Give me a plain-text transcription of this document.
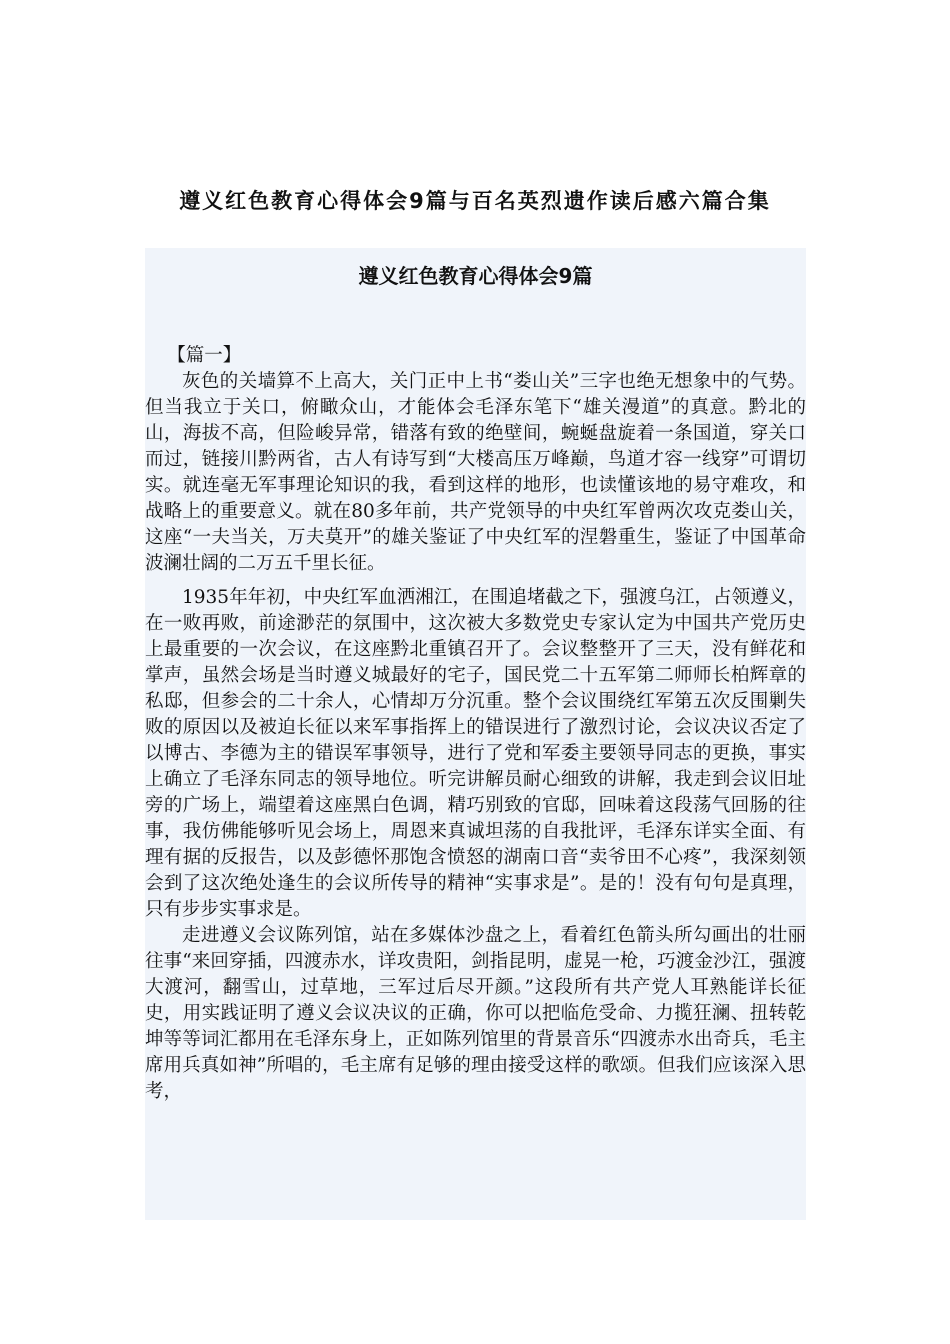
遵义红色教育心得体会9篇与百名英烈遗作读后感六篇合集
遵义红色教育心得体会9篇

【篇一】

灰色的关墙算不上高大，关门正中上书“娄山关”三字也绝无想象中的气势。但当我立于关口，俯瞰众山，才能体会毛泽东笔下“雄关漫道”的真意。黔北的山，海拔不高，但险峻异常，错落有致的绝壁间，蜿蜒盘旋着一条国道，穿关口而过，链接川黔两省，古人有诗写到“大楼高压万峰巅，鸟道才容一线穿”可谓切实。就连毫无军事理论知识的我，看到这样的地形，也读懂该地的易守难攻，和战略上的重要意义。就在80多年前，共产党领导的中央红军曾两次攻克娄山关，这座“一夫当关，万夫莫开”的雄关鉴证了中央红军的涅磐重生，鉴证了中国革命波澜壮阔的二万五千里长征。

1935年年初，中央红军血洒湘江，在围追堵截之下，强渡乌江，占领遵义，在一败再败，前途渺茫的氛围中，这次被大多数党史专家认定为中国共产党历史上最重要的一次会议，在这座黔北重镇召开了。会议整整开了三天，没有鲜花和掌声，虽然会场是当时遵义城最好的宅子，国民党二十五军第二师师长柏辉章的私邸，但参会的二十余人，心情却万分沉重。整个会议围绕红军第五次反围剿失败的原因以及被迫长征以来军事指挥上的错误进行了激烈讨论，会议决议否定了以博古、李德为主的错误军事领导，进行了党和军委主要领导同志的更换，事实上确立了毛泽东同志的领导地位。听完讲解员耐心细致的讲解，我走到会议旧址旁的广场上，端望着这座黑白色调，精巧别致的官邸，回味着这段荡气回肠的往事，我仿佛能够听见会场上，周恩来真诚坦荡的自我批评，毛泽东详实全面、有理有据的反报告，以及彭德怀那饱含愤怒的湖南口音“卖爷田不心疼”，我深刻领会到了这次绝处逢生的会议所传导的精神“实事求是”。是的！没有句句是真理，只有步步实事求是。

走进遵义会议陈列馆，站在多媒体沙盘之上，看着红色箭头所勾画出的壮丽往事“来回穿插，四渡赤水，详攻贵阳，剑指昆明，虚晃一枪，巧渡金沙江，强渡大渡河，翻雪山，过草地，三军过后尽开颜。”这段所有共产党人耳熟能详长征史，用实践证明了遵义会议决议的正确，你可以把临危受命、力揽狂澜、扭转乾坤等等词汇都用在毛泽东身上，正如陈列馆里的背景音乐“四渡赤水出奇兵，毛主席用兵真如神”所唱的，毛主席有足够的理由接受这样的歌颂。但我们应该深入思考，
